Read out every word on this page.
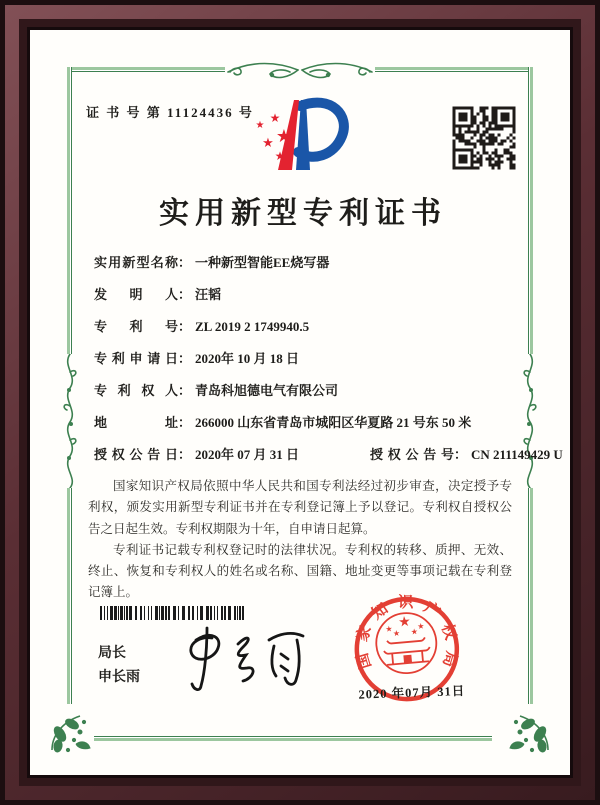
证 书 号 第 11124436 号
★
★
★ ★
★
实用新型专利证书
实用新型名称： 一种新型智能EE烧写器
发明人： 汪韬
专利号： ZL 2019 2 1749940.5
专利申请日： 2020年 10 月 18 日
专利权人： 青岛科旭德电气有限公司
地址： 266000 山东省青岛市城阳区华夏路 21 号东 50 米
授权公告日： 2020年 07 月 31 日	授权公告号： CN 211149429 U

国家知识产权局依照中华人民共和国专利法经过初步审查，决定授予专利权，颁发实用新型专利证书并在专利登记簿上予以登记。专利权自授权公告之日起生效。专利权期限为十年，自申请日起算。

专利证书记载专利权登记时的法律状况。专利权的转移、质押、无效、终止、恢复和专利权人的姓名或名称、国籍、地址变更等事项记载在专利登记簿上。

局长
申长雨
国家知识产权局
★
★ ★ ★
★
2020 年07月 31日
